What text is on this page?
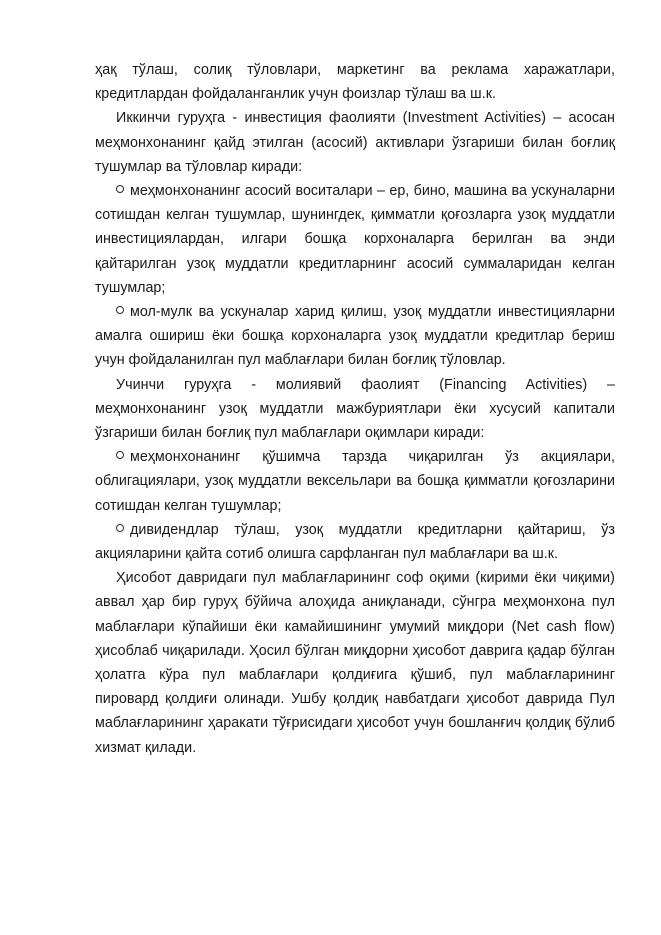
ҳақ тўлаш, солиқ тўловлари, маркетинг ва реклама харажатлари, кредитлардан фойдаланганлик учун фоизлар тўлаш ва ш.к.

Иккинчи гуруҳга - инвестиция фаолияти (Investment Activities) – асосан меҳмонхонанинг қайд этилган (асосий) активлари ўзгариши билан боғлиқ тушумлар ва тўловлар киради:

меҳмонхонанинг асосий воситалари – ер, бино, машина ва ускуналарни сотишдан келган тушумлар, шунингдек, қимматли қоғозларга узоқ муддатли инвестициялардан, илгари бошқа корхоналарга берилган ва энди қайтарилган узоқ муддатли кредитларнинг асосий суммаларидан келган тушумлар;

мол-мулк ва ускуналар харид қилиш, узоқ муддатли инвестицияларни амалга ошириш ёки бошқа корхоналарга узоқ муддатли кредитлар бериш учун фойдаланилган пул маблағлари билан боғлиқ тўловлар.

Учинчи гуруҳга - молиявий фаолият (Financing Activities) – меҳмонхонанинг узоқ муддатли мажбуриятлари ёки хусусий капитали ўзгариши билан боғлиқ пул маблағлари оқимлари киради:

меҳмонхонанинг қўшимча тарзда чиқарилган ўз акциялари, облигациялари, узоқ муддатли вексельлари ва бошқа қимматли қоғозларини сотишдан келган тушумлар;

дивидендлар тўлаш, узоқ муддатли кредитларни қайтариш, ўз акцияларини қайта сотиб олишга сарфланган пул маблағлари ва ш.к.

Ҳисобот давридаги пул маблағларининг соф оқими (кирими ёки чиқими) аввал ҳар бир гуруҳ бўйича алоҳида аниқланади, сўнгра меҳмонхона пул маблағлари кўпайиши ёки камайишининг умумий миқдори (Net cash flow) ҳисоблаб чиқарилади. Ҳосил бўлган миқдорни ҳисобот даврига қадар бўлган ҳолатга кўра пул маблағлари қолдиғига қўшиб, пул маблағларининг пировард қолдиғи олинади. Ушбу қолдиқ навбатдаги ҳисобот даврида Пул маблағларининг ҳаракати тўғрисидаги ҳисобот учун бошланғич қолдиқ бўлиб хизмат қилади.
